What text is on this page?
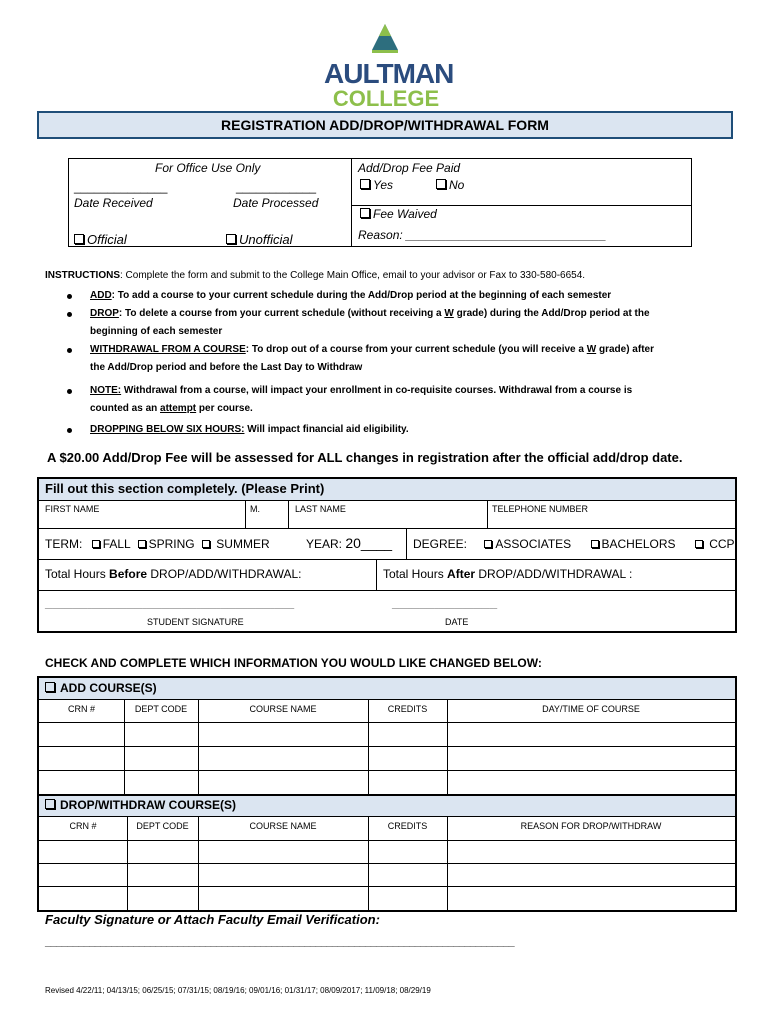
AULTMAN
COLLEGE
REGISTRATION ADD/DROP/WITHDRAWAL FORM
For Office Use Only
______________	____________
Date Received	Date Processed
Official	Unofficial
Add/Drop Fee Paid
Yes	No
Fee Waived
Reason: ______________________________
INSTRUCTIONS: Complete the form and submit to the College Main Office, email to your advisor or Fax to 330-580-6654.
ADD: To add a course to your current schedule during the Add/Drop period at the beginning of each semester
DROP: To delete a course from your current schedule (without receiving a W grade) during the Add/Drop period at the
beginning of each semester
WITHDRAWAL FROM A COURSE: To drop out of a course from your current schedule (you will receive a W grade) after
the Add/Drop period and before the Last Day to Withdraw
NOTE: Withdrawal from a course, will impact your enrollment in co-requisite courses. Withdrawal from a course is
counted as an attempt per course.
DROPPING BELOW SIX HOURS: Will impact financial aid eligibility.
A $20.00 Add/Drop Fee will be assessed for ALL changes in registration after the official add/drop date.
Fill out this section completely. (Please Print)
FIRST NAME	M.	LAST NAME	TELEPHONE NUMBER
TERM: FALL SPRING  SUMMER	YEAR: 20____ DEGREE: ASSOCIATES	BACHELORS	CCP
Total Hours Before DROP/ADD/WITHDRAWAL:	Total Hours After DROP/ADD/WITHDRAWAL :
________________________________________________________________	___________________________
STUDENT SIGNATURE	DATE
CHECK AND COMPLETE WHICH INFORMATION YOU WOULD LIKE CHANGED BELOW:
ADD COURSE(S)
CRN #	DEPT CODE	COURSE NAME	CREDITS	DAY/TIME OF COURSE
DROP/WITHDRAW COURSE(S)
CRN #	DEPT CODE	COURSE NAME	CREDITS	REASON FOR DROP/WITHDRAW
Faculty Signature or Attach Faculty Email Verification:
_____________________________________________________________________________________
Revised 4/22/11; 04/13/15; 06/25/15; 07/31/15; 08/19/16; 09/01/16; 01/31/17; 08/09/2017; 11/09/18; 08/29/19
